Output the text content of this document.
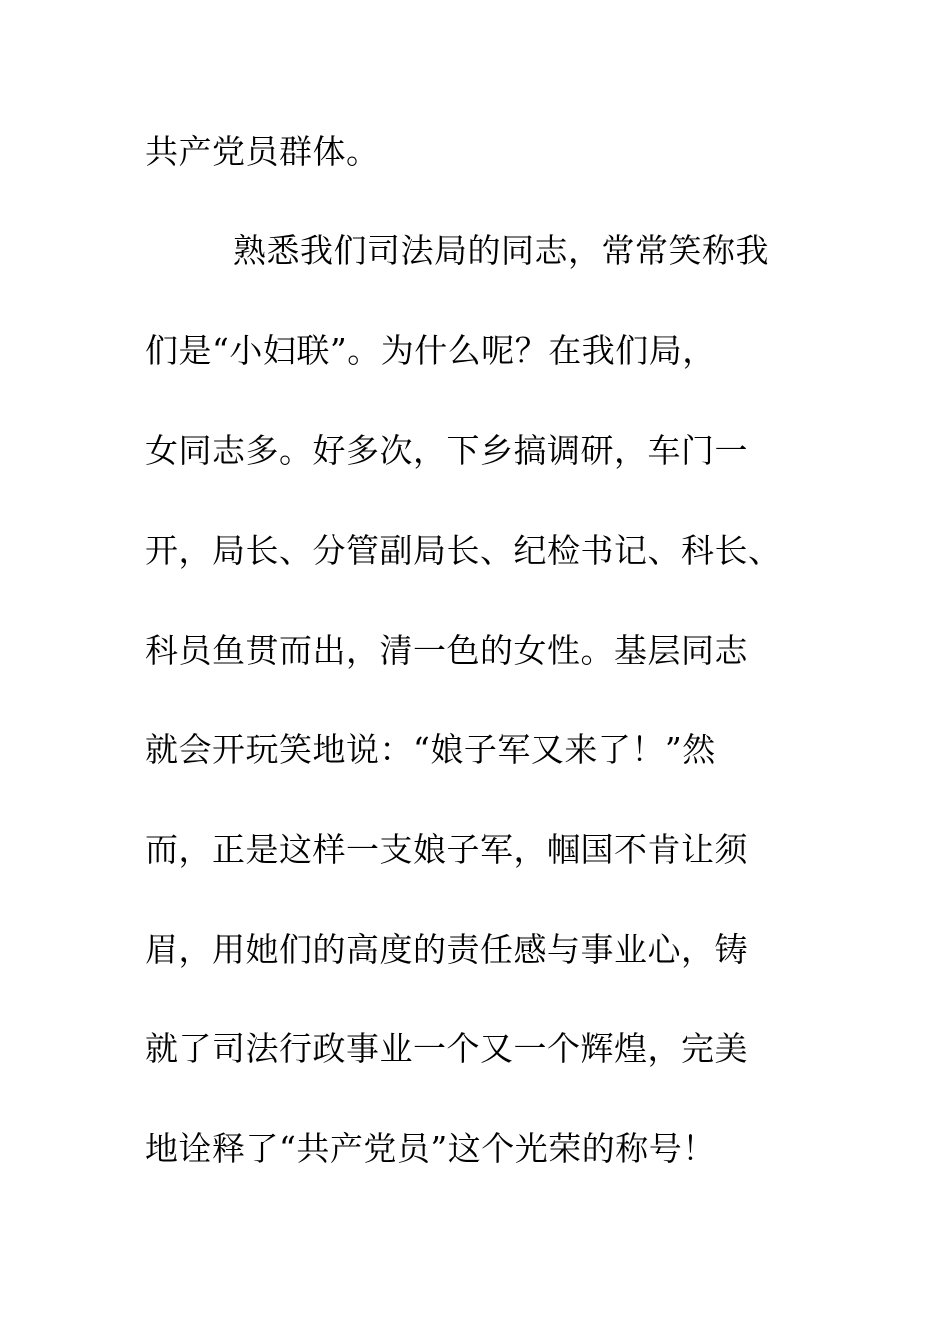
共产党员群体。
熟悉我们司法局的同志，常常笑称我
们是“小妇联”。为什么呢？在我们局，
女同志多。好多次，下乡搞调研，车门一
开，局长、分管副局长、纪检书记、科长、
科员鱼贯而出，清一色的女性。基层同志
就会开玩笑地说：“娘子军又来了！”然
而，正是这样一支娘子军，帼国不肯让须
眉，用她们的高度的责任感与事业心，铸
就了司法行政事业一个又一个辉煌，完美
地诠释了“共产党员”这个光荣的称号！
